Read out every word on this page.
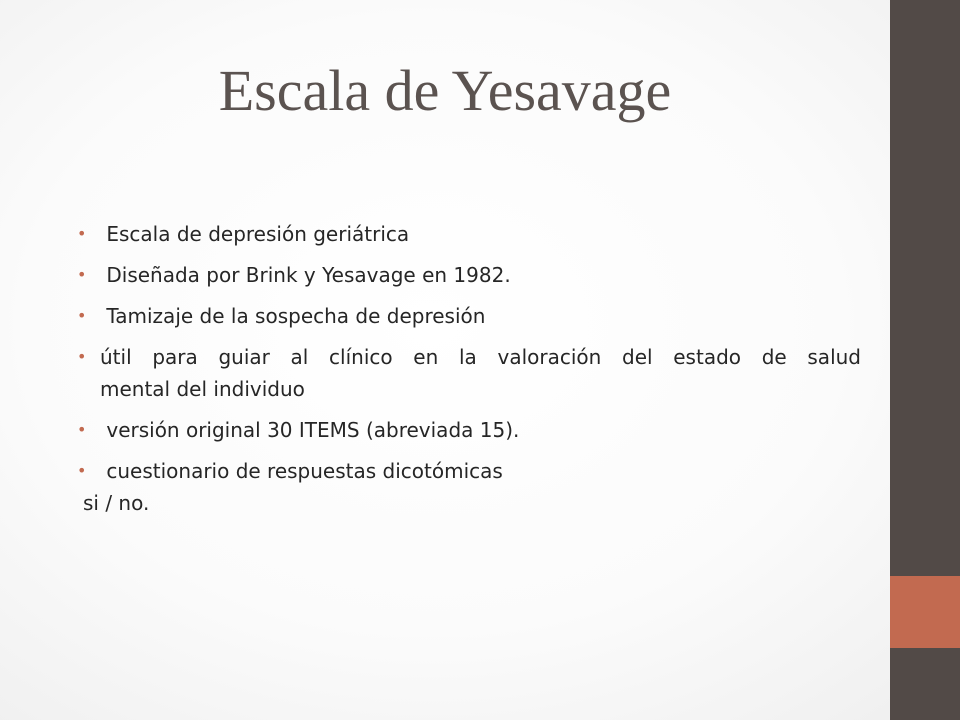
Escala de Yesavage
• Escala de depresión geriátrica
• Diseñada por Brink y Yesavage en 1982.
• Tamizaje de la sospecha de depresión
• útil para guiar al clínico en la valoración del estado de salud
mental del individuo
• versión original 30 ITEMS (abreviada 15).
• cuestionario de respuestas dicotómicas
si / no.
